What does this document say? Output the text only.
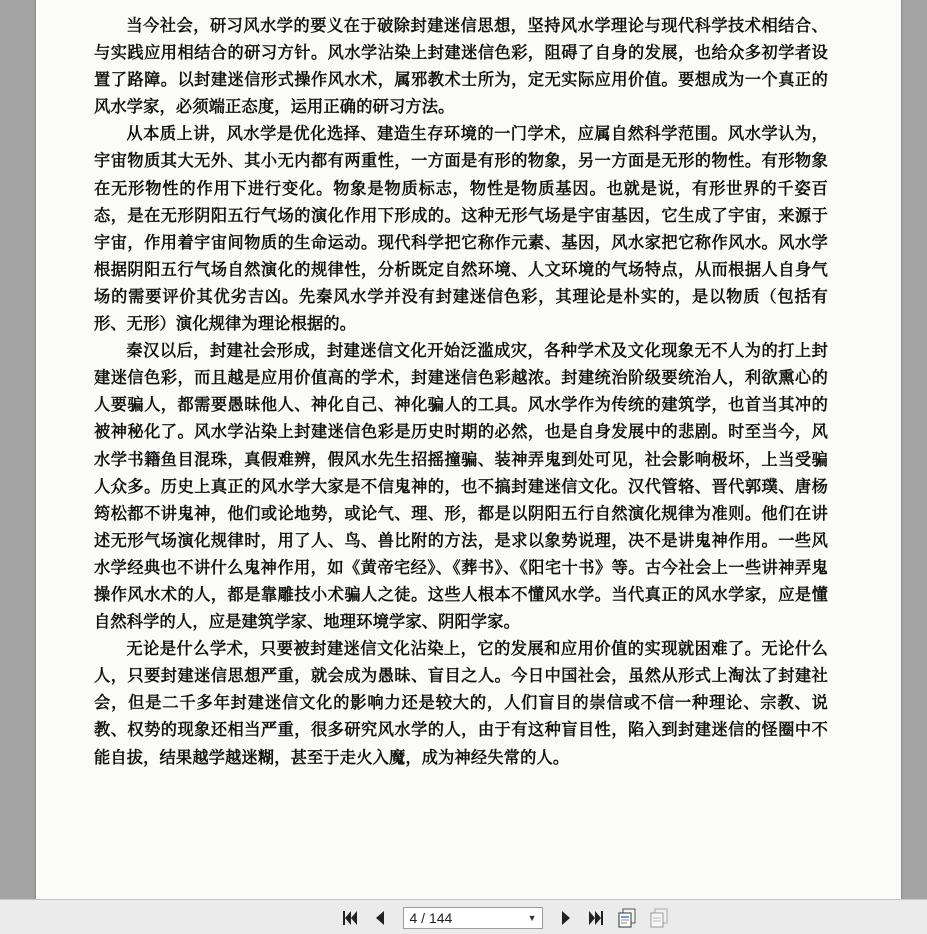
当今社会，研习风水学的要义在于破除封建迷信思想，坚持风水学理论与现代科学技术相结合、与实践应用相结合的研习方针。风水学沾染上封建迷信色彩，阻碍了自身的发展，也给众多初学者设置了路障。以封建迷信形式操作风水术，属邪教术士所为，定无实际应用价值。要想成为一个真正的风水学家，必须端正态度，运用正确的研习方法。

从本质上讲，风水学是优化选择、建造生存环境的一门学术，应属自然科学范围。风水学认为，宇宙物质其大无外、其小无内都有两重性，一方面是有形的物象，另一方面是无形的物性。有形物象在无形物性的作用下进行变化。物象是物质标志，物性是物质基因。也就是说，有形世界的千姿百态，是在无形阴阳五行气场的演化作用下形成的。这种无形气场是宇宙基因，它生成了宇宙，来源于宇宙，作用着宇宙间物质的生命运动。现代科学把它称作元素、基因，风水家把它称作风水。风水学根据阴阳五行气场自然演化的规律性，分析既定自然环境、人文环境的气场特点，从而根据人自身气场的需要评价其优劣吉凶。先秦风水学并没有封建迷信色彩，其理论是朴实的，是以物质（包括有形、无形）演化规律为理论根据的。

秦汉以后，封建社会形成，封建迷信文化开始泛滥成灾，各种学术及文化现象无不人为的打上封建迷信色彩，而且越是应用价值高的学术，封建迷信色彩越浓。封建统治阶级要统治人，利欲熏心的人要骗人，都需要愚昧他人、神化自己、神化骗人的工具。风水学作为传统的建筑学，也首当其冲的被神秘化了。风水学沾染上封建迷信色彩是历史时期的必然，也是自身发展中的悲剧。时至当今，风水学书籍鱼目混珠，真假难辨，假风水先生招摇撞骗、装神弄鬼到处可见，社会影响极坏，上当受骗人众多。历史上真正的风水学大家是不信鬼神的，也不搞封建迷信文化。汉代管辂、晋代郭璞、唐杨筠松都不讲鬼神，他们或论地势，或论气、理、形，都是以阴阳五行自然演化规律为准则。他们在讲述无形气场演化规律时，用了人、鸟、兽比附的方法，是求以象势说理，决不是讲鬼神作用。一些风水学经典也不讲什么鬼神作用，如《黄帝宅经》、《葬书》、《阳宅十书》等。古今社会上一些讲神弄鬼操作风水术的人，都是靠雕技小术骗人之徒。这些人根本不懂风水学。当代真正的风水学家，应是懂自然科学的人，应是建筑学家、地理环境学家、阴阳学家。

无论是什么学术，只要被封建迷信文化沾染上，它的发展和应用价值的实现就困难了。无论什么人，只要封建迷信思想严重，就会成为愚昧、盲目之人。今日中国社会，虽然从形式上淘汰了封建社会，但是二千多年封建迷信文化的影响力还是较大的，人们盲目的崇信或不信一种理论、宗教、说教、权势的现象还相当严重，很多研究风水学的人，由于有这种盲目性，陷入到封建迷信的怪圈中不能自拔，结果越学越迷糊，甚至于走火入魔，成为神经失常的人。

4 / 144	▼
